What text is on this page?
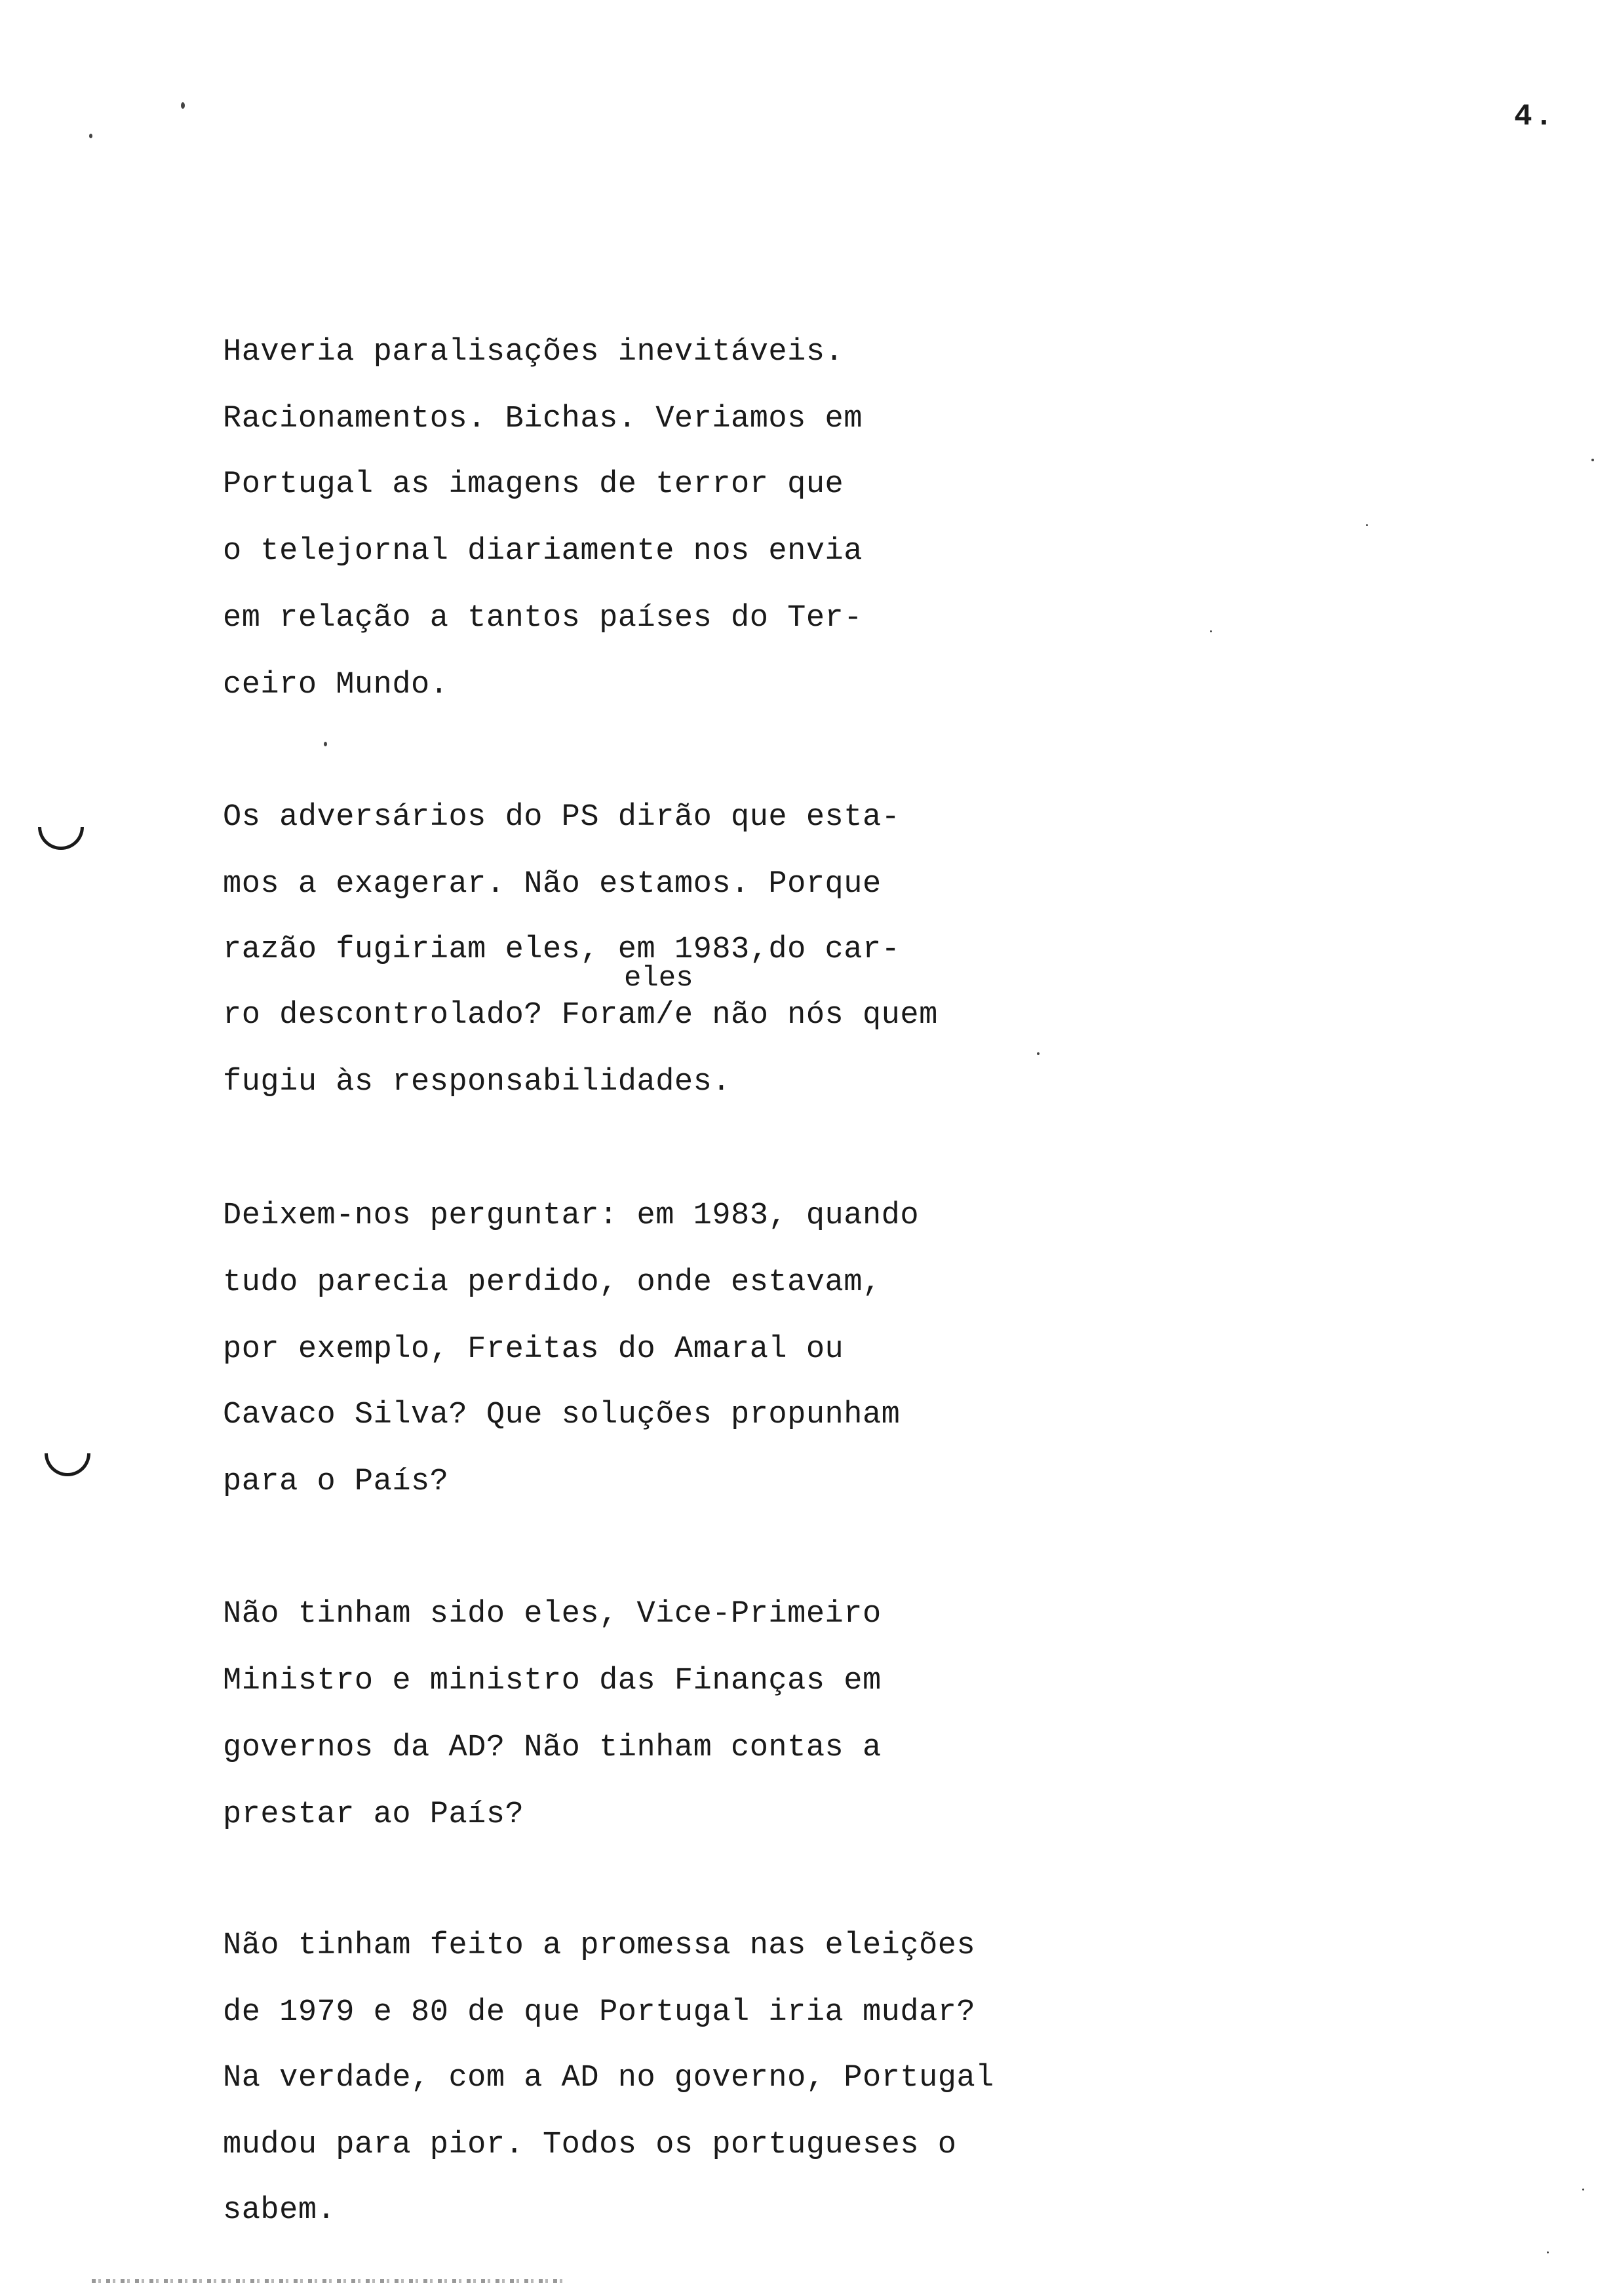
4.
Haveria paralisações inevitáveis.
Racionamentos. Bichas. Veriamos em
Portugal as imagens de terror que
o telejornal diariamente nos envia
em relação a tantos países do Ter-
ceiro Mundo.
Os adversários do PS dirão que esta-
mos a exagerar. Não estamos. Porque
razão fugiriam eles, em 1983,do car-
eles
ro descontrolado? Foram/e não nós quem
fugiu às responsabilidades.
Deixem-nos perguntar: em 1983, quando
tudo parecia perdido, onde estavam,
por exemplo, Freitas do Amaral ou
Cavaco Silva? Que soluções propunham
para o País?
Não tinham sido eles, Vice-Primeiro
Ministro e ministro das Finanças em
governos da AD? Não tinham contas a
prestar ao País?
Não tinham feito a promessa nas eleições
de 1979 e 80 de que Portugal iria mudar?
Na verdade, com a AD no governo, Portugal
mudou para pior. Todos os portugueses o
sabem.
